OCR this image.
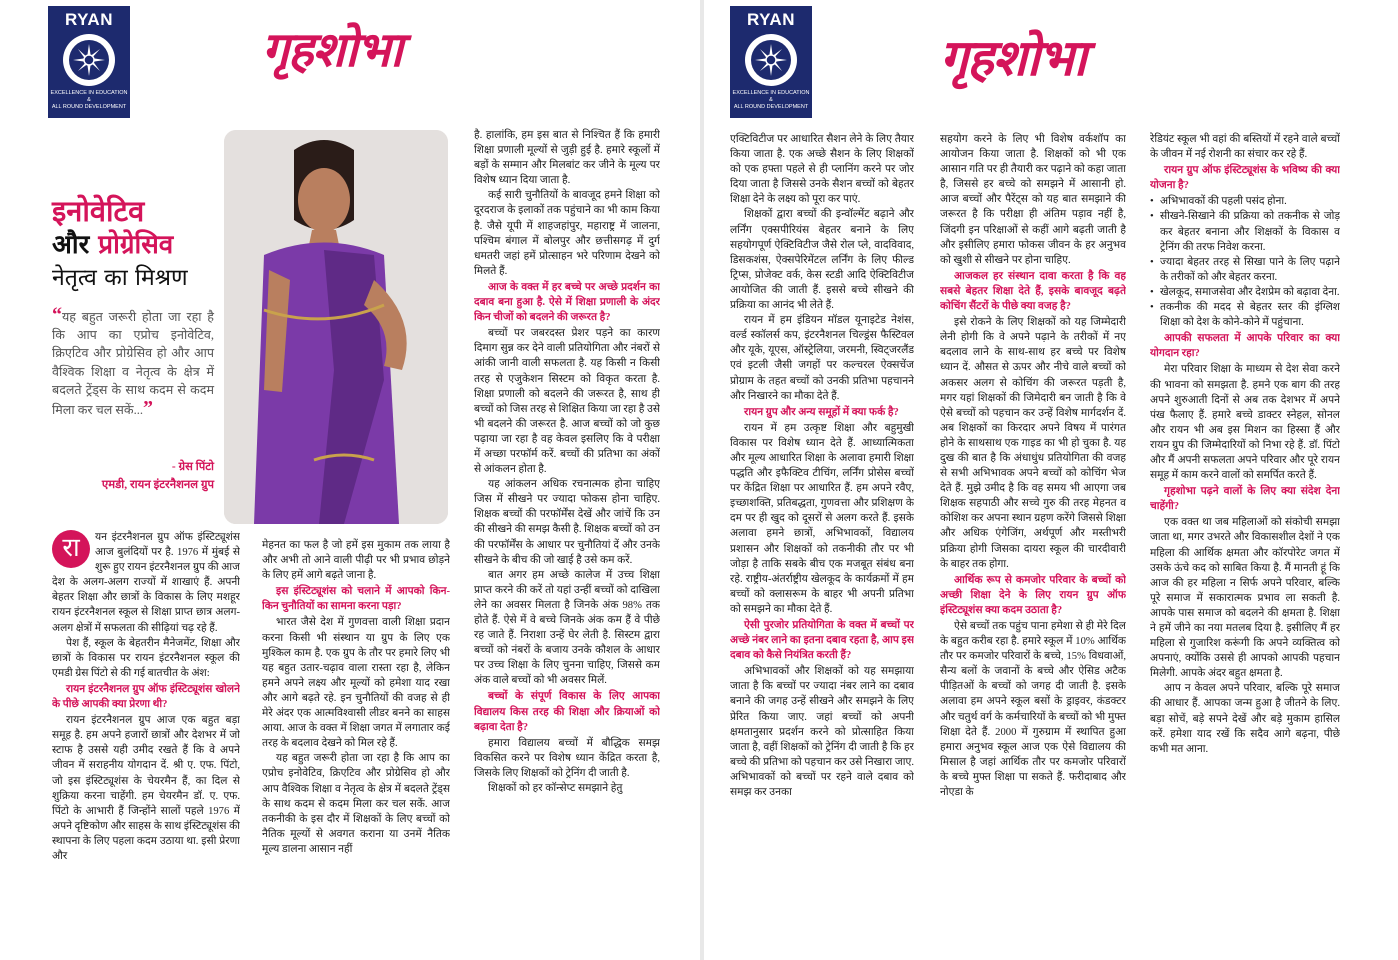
RYAN
EXCELLENCE IN EDUCATION
&
ALL ROUND DEVELOPMENT
गृहशोभा
इनोवेटिव
और प्रोग्रेसिव
नेतृत्व का मिश्रण
“यह बहुत जरूरी होता जा रहा है कि आप का एप्रोच इनोवेटिव, क्रिएटिव और प्रोग्रेसिव हो और आप वैश्विक शिक्षा व नेतृत्व के क्षेत्र में बदलते ट्रेंड्स के साथ कदम से कदम मिला कर चल सकें...”
- ग्रेस पिंटो
एमडी, रायन इंटरनैशनल ग्रुप

रा	यन इंटरनैशनल ग्रुप ऑफ इंस्टिट्यूशंस आज बुलंदियों पर है. 1976 में मुंबई से शुरू हुए रायन इंटरनैशनल ग्रुप की आज देश के अलग-अलग राज्यों में शाखाएं हैं. अपनी बेहतर शिक्षा और छात्रों के विकास के लिए मशहूर रायन इंटरनैशनल स्कूल से शिक्षा प्राप्त छात्र अलग-अलग क्षेत्रों में सफलता की सीढ़ियां चढ़ रहे हैं.

पेश हैं, स्कूल के बेहतरीन मैनेजमेंट, शिक्षा और छात्रों के विकास पर रायन इंटरनैशनल स्कूल की एमडी ग्रेस पिंटो से की गई बातचीत के अंश:

रायन इंटरनैशनल ग्रुप ऑफ इंस्टिट्यूशंस खोलने के पीछे आपकी क्या प्रेरणा थी?

रायन इंटरनैशनल ग्रुप आज एक बहुत बड़ा समूह है. हम अपने हजारों छात्रों और देशभर में जो स्टाफ है उससे यही उमीद रखते हैं कि वे अपने जीवन में सराहनीय योगदान दें. श्री ए. एफ. पिंटो, जो इस इंस्टिट्यूशंस के चेयरमैन हैं, का दिल से शुक्रिया करना चाहेंगी. हम चेयरमैन डॉ. ए. एफ. पिंटो के आभारी हैं जिन्होंने सालों पहले 1976 में अपने दृष्टिकोण और साहस के साथ इंस्टिट्यूशंस की स्थापना के लिए पहला कदम उठाया था. इसी प्रेरणा और

मेहनत का फल है जो हमें इस मुकाम तक लाया है और अभी तो आने वाली पीढ़ी पर भी प्रभाव छोड़ने के लिए हमें आगे बढ़ते जाना है.

इस इंस्टिट्यूशंस को चलाने में आपको किन-किन चुनौतियों का सामना करना पड़ा?

भारत जैसे देश में गुणवत्ता वाली शिक्षा प्रदान करना किसी भी संस्थान या ग्रुप के लिए एक मुश्किल काम है. एक ग्रुप के तौर पर हमारे लिए भी यह बहुत उतार-चढ़ाव वाला रास्ता रहा है, लेकिन हमने अपने लक्ष्य और मूल्यों को हमेशा याद रखा और आगे बढ़ते रहे. इन चुनौतियों की वजह से ही मेरे अंदर एक आत्मविश्वासी लीडर बनने का साहस आया. आज के वक्त में शिक्षा जगत में लगातार कई तरह के बदलाव देखने को मिल रहे हैं.

यह बहुत जरूरी होता जा रहा है कि आप का एप्रोच इनोवेटिव, क्रिएटिव और प्रोग्रेसिव हो और आप वैश्विक शिक्षा व नेतृत्व के क्षेत्र में बदलते ट्रेंड्स के साथ कदम से कदम मिला कर चल सकें. आज तकनीकी के इस दौर में शिक्षकों के लिए बच्चों को नैतिक मूल्यों से अवगत कराना या उनमें नैतिक मूल्य डालना आसान नहीं

है. हालांकि, हम इस बात से निश्चित हैं कि हमारी शिक्षा प्रणाली मूल्यों से जुड़ी हुई है. हमारे स्कूलों में बड़ों के सम्मान और मिलबांट कर जीने के मूल्य पर विशेष ध्यान दिया जाता है.

कई सारी चुनौतियों के बावजूद हमने शिक्षा को दूरदराज के इलाकों तक पहुंचाने का भी काम किया है. जैसे यूपी में शाहजहांपुर, महाराष्ट्र में जालना, पश्चिम बंगाल में बोलपुर और छत्तीसगढ़ में दुर्ग धमतरी जहां हमें प्रोत्साहन भरे परिणाम देखने को मिलते हैं.

आज के वक्त में हर बच्चे पर अच्छे प्रदर्शन का दबाव बना हुआ है. ऐसे में शिक्षा प्रणाली के अंदर किन चीजों को बदलने की जरूरत है?

बच्चों पर जबरदस्त प्रेशर पड़ने का कारण दिमाग सुन्न कर देने वाली प्रतियोगिता और नंबरों से आंकी जानी वाली सफलता है. यह किसी न किसी तरह से एजुकेशन सिस्टम को विकृत करता है. शिक्षा प्रणाली को बदलने की जरूरत है, साथ ही बच्चों को जिस तरह से शिक्षित किया जा रहा है उसे भी बदलने की जरूरत है. आज बच्चों को जो कुछ पढ़ाया जा रहा है वह केवल इसलिए कि वे परीक्षा में अच्छा परफॉर्म करें. बच्चों की प्रतिभा का अंकों से आंकलन होता है.

यह आंकलन अधिक रचनात्मक होना चाहिए जिस में सीखने पर ज्यादा फोकस होना चाहिए. शिक्षक बच्चों की परफॉर्मेंस देखें और जांचें कि उन की सीखने की समझ कैसी है. शिक्षक बच्चों को उन की परफॉर्मेंस के आधार पर चुनौतियां दें और उनके सीखने के बीच की जो खाई है उसे कम करें.

बात अगर हम अच्छे कालेज में उच्च शिक्षा प्राप्त करने की करें तो यहां उन्हीं बच्चों को दाखिला लेने का अवसर मिलता है जिनके अंक 98% तक होते हैं. ऐसे में वे बच्चे जिनके अंक कम हैं वे पीछे रह जाते हैं. निराशा उन्हें घेर लेती है. सिस्टम द्वारा बच्चों को नंबरों के बजाय उनके कौशल के आधार पर उच्च शिक्षा के लिए चुनना चाहिए, जिससे कम अंक वाले बच्चों को भी अवसर मिलें.

बच्चों के संपूर्ण विकास के लिए आपका विद्यालय किस तरह की शिक्षा और क्रियाओं को बढ़ावा देता है?

हमारा विद्यालय बच्चों में बौद्धिक समझ विकसित करने पर विशेष ध्यान केंद्रित करता है, जिसके लिए शिक्षकों को ट्रेनिंग दी जाती है.

शिक्षकों को हर कॉन्सेप्ट समझाने हेतु

RYAN
EXCELLENCE IN EDUCATION
&
ALL ROUND DEVELOPMENT
गृहशोभा

एक्टिविटीज पर आधारित सैशन लेने के लिए तैयार किया जाता है. एक अच्छे सैशन के लिए शिक्षकों को एक हफ्ता पहले से ही प्लानिंग करने पर जोर दिया जाता है जिससे उनके सैशन बच्चों को बेहतर शिक्षा देने के लक्ष्य को पूरा कर पाएं.

शिक्षकों द्वारा बच्चों की इन्वॉल्मेंट बढ़ाने और लर्निंग एक्सपीरियंस बेहतर बनाने के लिए सहयोगपूर्ण ऐक्टिविटीज जैसे रोल प्ले, वादविवाद, डिसकशंस, ऐक्सपेरिमेंटल लर्निंग के लिए फील्ड ट्रिप्स, प्रोजेक्ट वर्क, केस स्टडी आदि ऐक्टिविटीज आयोजित की जाती हैं. इससे बच्चे सीखने की प्रक्रिया का आनंद भी लेते हैं.

रायन में हम इंडियन मॉडल यूनाइटेड नेशंस, वर्ल्ड स्कॉलर्स कप, इंटरनैशनल चिल्ड्रंस फैस्टिवल और यूके, यूएस, ऑस्ट्रेलिया, जरमनी, स्विट्जरलैंड एवं इटली जैसी जगहों पर कल्चरल ऐक्सचेंज प्रोग्राम के तहत बच्चों को उनकी प्रतिभा पहचानने और निखारने का मौका देते हैं.

रायन ग्रुप और अन्य समूहों में क्या फर्क है?

रायन में हम उत्कृष्ट शिक्षा और बहुमुखी विकास पर विशेष ध्यान देते हैं. आध्यात्मिकता और मूल्य आधारित शिक्षा के अलावा हमारी शिक्षा पद्धति और इफैक्टिव टीचिंग, लर्निंग प्रोसेस बच्चों पर केंद्रित शिक्षा पर आधारित हैं. हम अपने रवैए, इच्छाशक्ति, प्रतिबद्धता, गुणवत्ता और प्रशिक्षण के दम पर ही खुद को दूसरों से अलग करते हैं. इसके अलावा हमने छात्रों, अभिभावकों, विद्यालय प्रशासन और शिक्षकों को तकनीकी तौर पर भी जोड़ा है ताकि सबके बीच एक मजबूत संबंध बना रहे. राष्ट्रीय-अंतर्राष्ट्रीय खेलकूद के कार्यक्रमों में हम बच्चों को क्लासरूम के बाहर भी अपनी प्रतिभा को समझने का मौका देते हैं.

ऐसी पुरजोर प्रतियोगिता के वक्त में बच्चों पर अच्छे नंबर लाने का इतना दबाव रहता है, आप इस दबाव को कैसे नियंत्रित करती हैं?

अभिभावकों और शिक्षकों को यह समझाया जाता है कि बच्चों पर ज्यादा नंबर लाने का दबाव बनाने की जगह उन्हें सीखने और समझने के लिए प्रेरित किया जाए. जहां बच्चों को अपनी क्षमतानुसार प्रदर्शन करने को प्रोत्साहित किया जाता है, वहीं शिक्षकों को ट्रेनिंग दी जाती है कि हर बच्चे की प्रतिभा को पहचान कर उसे निखारा जाए. अभिभावकों को बच्चों पर रहने वाले दबाव को समझ कर उनका

सहयोग करने के लिए भी विशेष वर्कशॉप का आयोजन किया जाता है. शिक्षकों को भी एक आसान गति पर ही तैयारी कर पढ़ाने को कहा जाता है, जिससे हर बच्चे को समझने में आसानी हो. आज बच्चों और पैरेंट्स को यह बात समझाने की जरूरत है कि परीक्षा ही अंतिम पड़ाव नहीं है, जिंदगी इन परिक्षाओं से कहीं आगे बढ़ती जाती है और इसीलिए हमारा फोकस जीवन के हर अनुभव को खुशी से सीखने पर होना चाहिए.

आजकल हर संस्थान दावा करता है कि वह सबसे बेहतर शिक्षा देते हैं, इसके बावजूद बढ़ते कोचिंग सैंटरों के पीछे क्या वजह है?

इसे रोकने के लिए शिक्षकों को यह जिम्मेदारी लेनी होगी कि वे अपने पढ़ाने के तरीकों में नए बदलाव लाने के साथ-साथ हर बच्चे पर विशेष ध्यान दें. औसत से ऊपर और नीचे वाले बच्चों को अकसर अलग से कोचिंग की जरूरत पड़ती है, मगर यहां शिक्षकों की जिमेदारी बन जाती है कि वे ऐसे बच्चों को पहचान कर उन्हें विशेष मार्गदर्शन दें. अब शिक्षकों का किरदार अपने विषय में पारंगत होने के साथसाथ एक गाइड का भी हो चुका है. यह दुख की बात है कि अंधाधुंध प्रतियोगिता की वजह से सभी अभिभावक अपने बच्चों को कोचिंग भेज देते हैं. मुझे उमीद है कि वह समय भी आएगा जब शिक्षक सहपाठी और सच्चे गुरु की तरह मेहनत व कोशिश कर अपना स्थान ग्रहण करेंगे जिससे शिक्षा और अधिक एंगेजिंग, अर्थपूर्ण और मस्तीभरी प्रक्रिया होगी जिसका दायरा स्कूल की चारदीवारी के बाहर तक होगा.

आर्थिक रूप से कमजोर परिवार के बच्चों को अच्छी शिक्षा देने के लिए रायन ग्रुप ऑफ इंस्टिट्यूशंस क्या कदम उठाता है?

ऐसे बच्चों तक पहुंच पाना हमेशा से ही मेरे दिल के बहुत करीब रहा है. हमारे स्कूल में 10% आर्थिक तौर पर कमजोर परिवारों के बच्चे, 15% विधवाओं, सैन्य बलों के जवानों के बच्चे और ऐसिड अटैक पीड़ितओं के बच्चों को जगह दी जाती है. इसके अलावा हम अपने स्कूल बसों के ड्राइवर, कंडक्टर और चतुर्थ वर्ग के कर्मचारियों के बच्चों को भी मुफ्त शिक्षा देते हैं. 2000 में गुरुग्राम में स्थापित हुआ हमारा अनुभव स्कूल आज एक ऐसे विद्यालय की मिसाल है जहां आर्थिक तौर पर कमजोर परिवारों के बच्चे मुफ्त शिक्षा पा सकते हैं. फरीदाबाद और नोएडा के

रेडियंट स्कूल भी वहां की बस्तियों में रहने वाले बच्चों के जीवन में नई रोशनी का संचार कर रहे हैं.

रायन ग्रुप ऑफ इंस्टिट्यूशंस के भविष्य की क्या योजना है?

• अभिभावकों की पहली पसंद होना.
• सीखने-सिखाने की प्रक्रिया को तकनीक से जोड़ कर बेहतर बनाना और शिक्षकों के विकास व ट्रेनिंग की तरफ निवेश करना.
• ज्यादा बेहतर तरह से सिखा पाने के लिए पढ़ाने के तरीकों को और बेहतर करना.
• खेलकूद, समाजसेवा और देशप्रेम को बढ़ावा देना.
• तकनीक की मदद से बेहतर स्तर की इंग्लिश शिक्षा को देश के कोने-कोने में पहुंचाना.

आपकी सफलता में आपके परिवार का क्या योगदान रहा?

मेरा परिवार शिक्षा के माध्यम से देश सेवा करने की भावना को समझता है. हमने एक बाग की तरह अपने शुरुआती दिनों से अब तक देशभर में अपने पंख फैलाए हैं. हमारे बच्चे डाक्टर स्नेहल, सोनल और रायन भी अब इस मिशन का हिस्सा हैं और रायन ग्रुप की जिम्मेदारियों को निभा रहे हैं. डॉ. पिंटो और मैं अपनी सफलता अपने परिवार और पूरे रायन समूह में काम करने वालों को समर्पित करते हैं.

गृहशोभा पढ़ने वालों के लिए क्या संदेश देना चाहेंगी?

एक वक्त था जब महिलाओं को संकोची समझा जाता था, मगर उभरते और विकासशील देशों ने एक महिला की आर्थिक क्षमता और कॉरपोरेट जगत में उसके ऊंचे कद को साबित किया है. मैं मानती हूं कि आज की हर महिला न सिर्फ अपने परिवार, बल्कि पूरे समाज में सकारात्मक प्रभाव ला सकती है. आपके पास समाज को बदलने की क्षमता है. शिक्षा ने हमें जीने का नया मतलब दिया है. इसीलिए मैं हर महिला से गुजारिश करूंगी कि अपने व्यक्तित्व को अपनाएं, क्योंकि उससे ही आपको आपकी पहचान मिलेगी. आपके अंदर बहुत क्षमता है.

आप न केवल अपने परिवार, बल्कि पूरे समाज की आधार हैं. आपका जन्म हुआ है जीतने के लिए. बड़ा सोचें, बड़े सपने देखें और बड़े मुकाम हासिल करें. हमेशा याद रखें कि सदैव आगे बढ़ना, पीछे कभी मत आना.
